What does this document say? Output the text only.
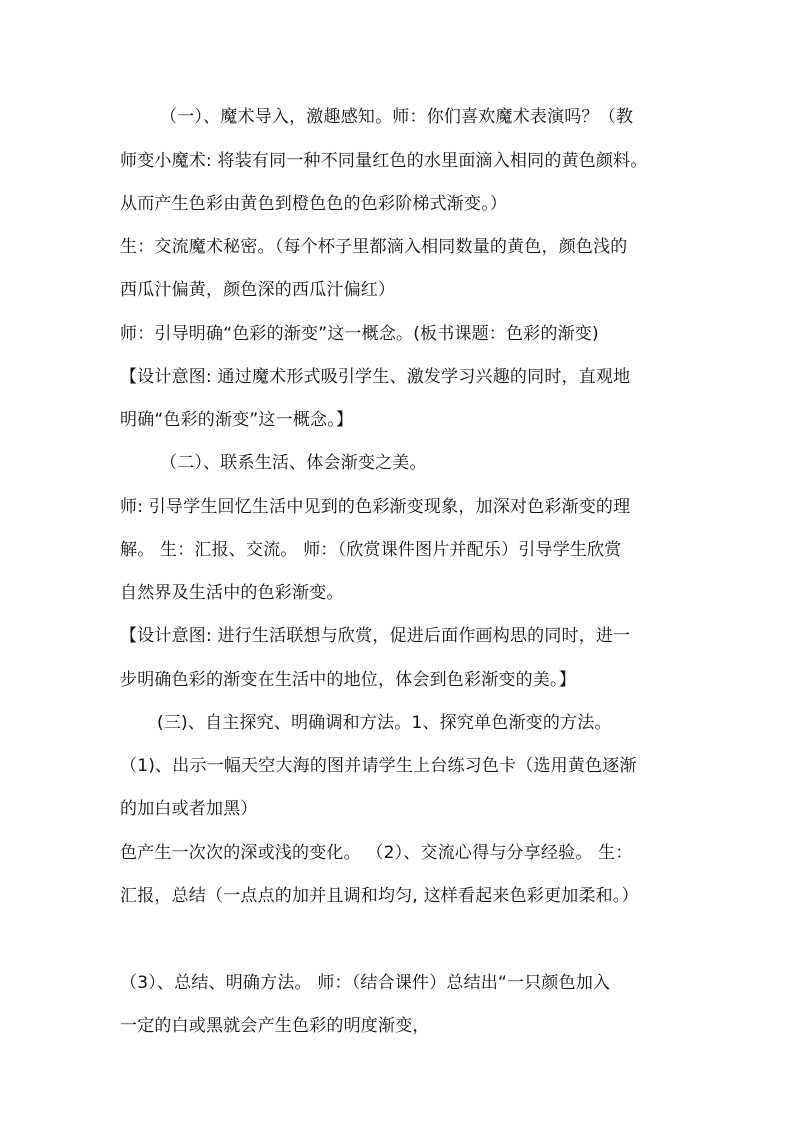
（一）、魔术导入，激趣感知。师：你们喜欢魔术表演吗？（教
师变小魔术: 将装有同一种不同量红色的水里面滴入相同的黄色颜料。
从而产生色彩由黄色到橙色色的色彩阶梯式渐变。）
生：交流魔术秘密。（每个杯子里都滴入相同数量的黄色，颜色浅的
西瓜汁偏黄，颜色深的西瓜汁偏红）
师：引导明确“色彩的渐变”这一概念。(板书课题：色彩的渐变)
【设计意图: 通过魔术形式吸引学生、激发学习兴趣的同时，直观地
明确“色彩的渐变”这一概念。】
（二）、联系生活、体会渐变之美。
师: 引导学生回忆生活中见到的色彩渐变现象，加深对色彩渐变的理
解。 生：汇报、交流。 师：（欣赏课件图片并配乐）引导学生欣赏
自然界及生活中的色彩渐变。
【设计意图: 进行生活联想与欣赏，促进后面作画构思的同时，进一
步明确色彩的渐变在生活中的地位，体会到色彩渐变的美。】
(三)、自主探究、明确调和方法。1、探究单色渐变的方法。
（1)、出示一幅天空大海的图并请学生上台练习色卡（选用黄色逐渐
的加白或者加黑）
色产生一次次的深或浅的变化。 （2）、交流心得与分享经验。 生：
汇报，总结（一点点的加并且调和均匀, 这样看起来色彩更加柔和。）
（3）、总结、明确方法。 师：（结合课件）总结出“一只颜色加入
一定的白或黑就会产生色彩的明度渐变，
